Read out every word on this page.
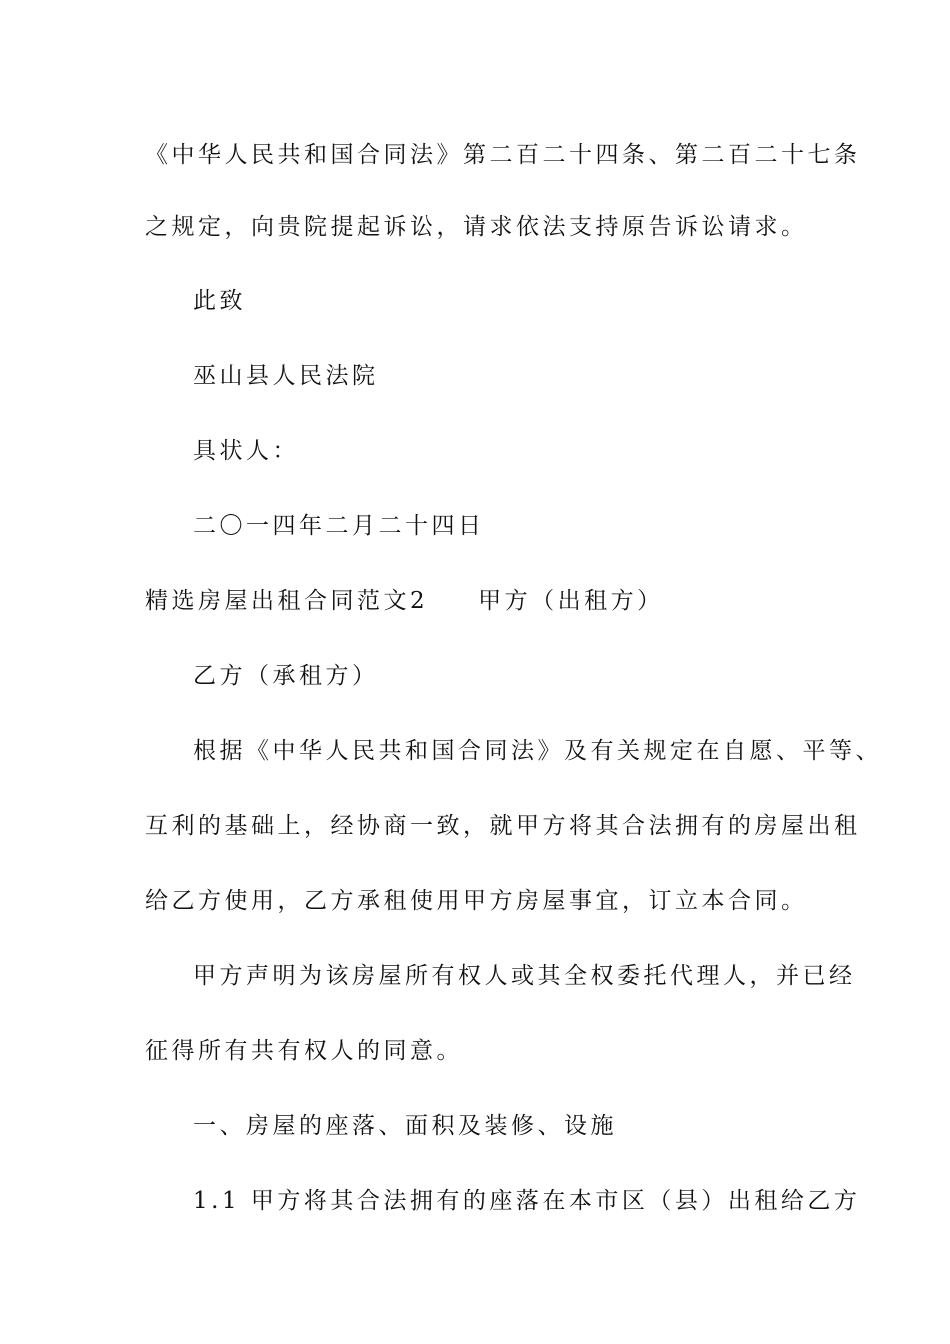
《中华人民共和国合同法》第二百二十四条、第二百二十七条
之规定，向贵院提起诉讼，请求依法支持原告诉讼请求。
此致
巫山县人民法院
具状人：
二〇一四年二月二十四日
精选房屋出租合同范文2 甲方（出租方）
乙方（承租方）
根据《中华人民共和国合同法》及有关规定在自愿、平等、
互利的基础上，经协商一致，就甲方将其合法拥有的房屋出租
给乙方使用，乙方承租使用甲方房屋事宜，订立本合同。
甲方声明为该房屋所有权人或其全权委托代理人，并已经
征得所有共有权人的同意。
一、房屋的座落、面积及装修、设施
1.1 甲方将其合法拥有的座落在本市区（县）出租给乙方
